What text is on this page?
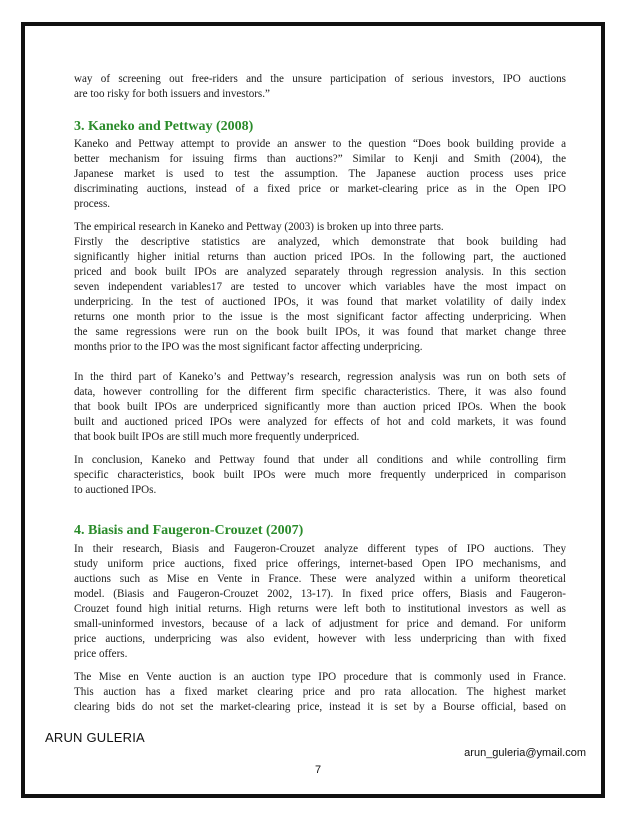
way of screening out free-riders and the unsure participation of serious investors, IPO auctions
are too risky for both issuers and investors.”
3. Kaneko and Pettway (2008)
Kaneko and Pettway attempt to provide an answer to the question “Does book building provide a
better mechanism for issuing firms than auctions?” Similar to Kenji and Smith (2004), the
Japanese market is used to test the assumption. The Japanese auction process uses price
discriminating auctions, instead of a fixed price or market-clearing price as in the Open IPO
process.
The empirical research in Kaneko and Pettway (2003) is broken up into three parts.
Firstly the descriptive statistics are analyzed, which demonstrate that book building had
significantly higher initial returns than auction priced IPOs. In the following part, the auctioned
priced and book built IPOs are analyzed separately through regression analysis. In this section
seven independent variables17 are tested to uncover which variables have the most impact on
underpricing. In the test of auctioned IPOs, it was found that market volatility of daily index
returns one month prior to the issue is the most significant factor affecting underpricing. When
the same regressions were run on the book built IPOs, it was found that market change three
months prior to the IPO was the most significant factor affecting underpricing.
In the third part of Kaneko’s and Pettway’s research, regression analysis was run on both sets of
data, however controlling for the different firm specific characteristics. There, it was also found
that book built IPOs are underpriced significantly more than auction priced IPOs. When the book
built and auctioned priced IPOs were analyzed for effects of hot and cold markets, it was found
that book built IPOs are still much more frequently underpriced.
In conclusion, Kaneko and Pettway found that under all conditions and while controlling firm
specific characteristics, book built IPOs were much more frequently underpriced in comparison
to auctioned IPOs.
4. Biasis and Faugeron-Crouzet (2007)
In their research, Biasis and Faugeron-Crouzet analyze different types of IPO auctions. They
study uniform price auctions, fixed price offerings, internet-based Open IPO mechanisms, and
auctions such as Mise en Vente in France. These were analyzed within a uniform theoretical
model. (Biasis and Faugeron-Crouzet 2002, 13-17). In fixed price offers, Biasis and Faugeron-
Crouzet found high initial returns. High returns were left both to institutional investors as well as
small-uninformed investors, because of a lack of adjustment for price and demand. For uniform
price auctions, underpricing was also evident, however with less underpricing than with fixed
price offers.
The Mise en Vente auction is an auction type IPO procedure that is commonly used in France.
This auction has a fixed market clearing price and pro rata allocation. The highest market
clearing bids do not set the market-clearing price, instead it is set by a Bourse official, based on
ARUN GULERIA
arun_guleria@ymail.com
7
